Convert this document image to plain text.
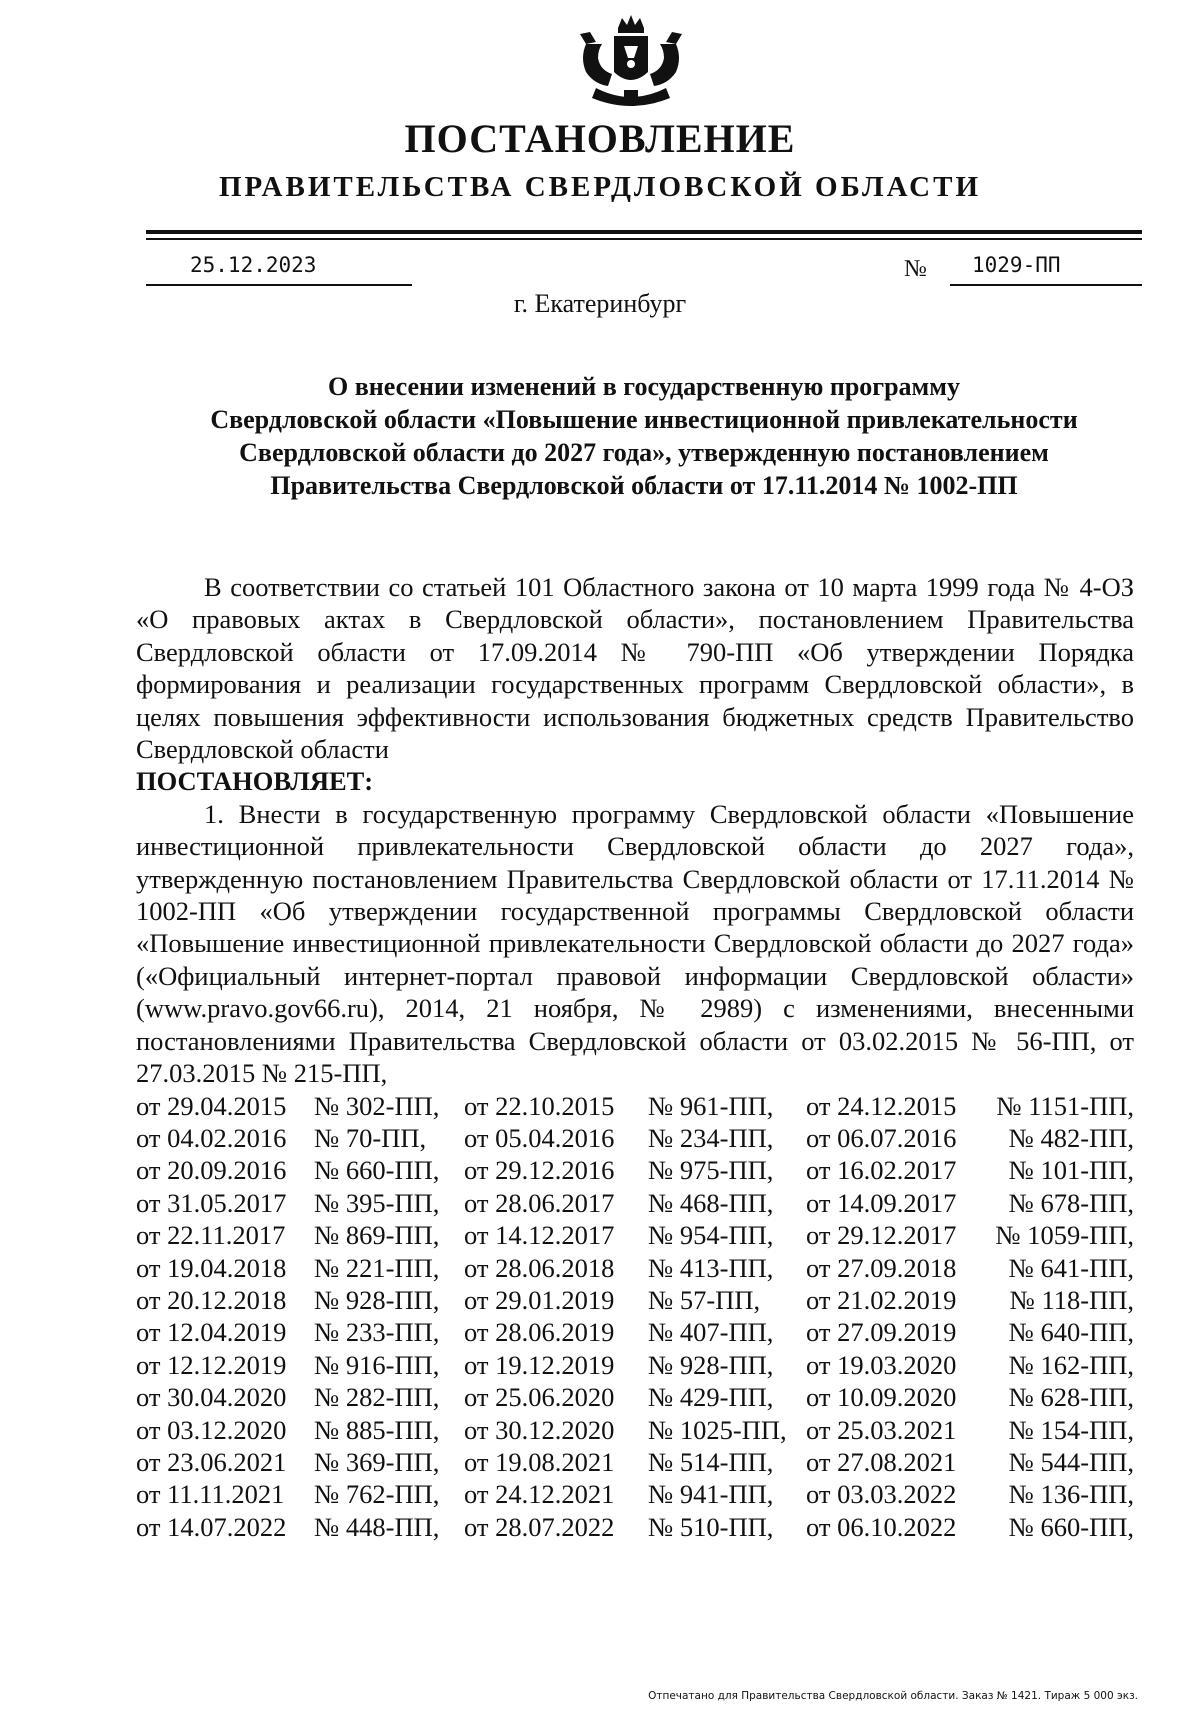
ПОСТАНОВЛЕНИЕ
ПРАВИТЕЛЬСТВА СВЕРДЛОВСКОЙ ОБЛАСТИ
25.12.2023	№ 1029-ПП
г. Екатеринбург
О внесении изменений в государственную программу
Свердловской области «Повышение инвестиционной привлекательности
Свердловской области до 2027 года», утвержденную постановлением
Правительства Свердловской области от 17.11.2014 № 1002-ПП

В соответствии со статьей 101 Областного закона от 10 марта 1999 года № 4-ОЗ «О правовых актах в Свердловской области», постановлением Правительства Свердловской области от 17.09.2014 № 790-ПП «Об утверждении Порядка формирования и реализации государственных программ Свердловской области», в целях повышения эффективности использования бюджетных средств Правительство Свердловской области

ПОСТАНОВЛЯЕТ:

1. Внести в государственную программу Свердловской области «Повышение инвестиционной привлекательности Свердловской области до 2027 года», утвержденную постановлением Правительства Свердловской области от 17.11.2014 № 1002-ПП «Об утверждении государственной программы Свердловской области «Повышение инвестиционной привлекательности Свердловской области до 2027 года» («Официальный интернет-портал правовой информации Свердловской области» (www.pravo.gov66.ru), 2014, 21 ноября, № 2989) с изменениями, внесенными постановлениями Правительства Свердловской области от 03.02.2015 № 56-ПП, от 27.03.2015 № 215-ПП,

от 29.04.2015	№ 302-ПП, от 22.10.2015	№ 961-ПП,	от 24.12.2015	№ 1151-ПП,
от 04.02.2016	№ 70-ПП,	от 05.04.2016	№ 234-ПП,	от 06.07.2016	№ 482-ПП,
от 20.09.2016	№ 660-ПП, от 29.12.2016	№ 975-ПП,	от 16.02.2017	№ 101-ПП,
от 31.05.2017	№ 395-ПП, от 28.06.2017	№ 468-ПП,	от 14.09.2017	№ 678-ПП,
от 22.11.2017	№ 869-ПП, от 14.12.2017	№ 954-ПП,	от 29.12.2017	№ 1059-ПП,
от 19.04.2018	№ 221-ПП, от 28.06.2018	№ 413-ПП,	от 27.09.2018	№ 641-ПП,
от 20.12.2018	№ 928-ПП, от 29.01.2019	№ 57-ПП,	от 21.02.2019	№ 118-ПП,
от 12.04.2019	№ 233-ПП, от 28.06.2019	№ 407-ПП,	от 27.09.2019	№ 640-ПП,
от 12.12.2019	№ 916-ПП, от 19.12.2019	№ 928-ПП,	от 19.03.2020	№ 162-ПП,
от 30.04.2020	№ 282-ПП, от 25.06.2020	№ 429-ПП,	от 10.09.2020	№ 628-ПП,
от 03.12.2020	№ 885-ПП, от 30.12.2020	№ 1025-ПП, от 25.03.2021	№ 154-ПП,
от 23.06.2021	№ 369-ПП, от 19.08.2021	№ 514-ПП,	от 27.08.2021	№ 544-ПП,
от 11.11.2021	№ 762-ПП, от 24.12.2021	№ 941-ПП,	от 03.03.2022	№ 136-ПП,
от 14.07.2022	№ 448-ПП, от 28.07.2022	№ 510-ПП,	от 06.10.2022	№ 660-ПП,
Отпечатано для Правительства Свердловской области. Заказ № 1421. Тираж 5 000 экз.
